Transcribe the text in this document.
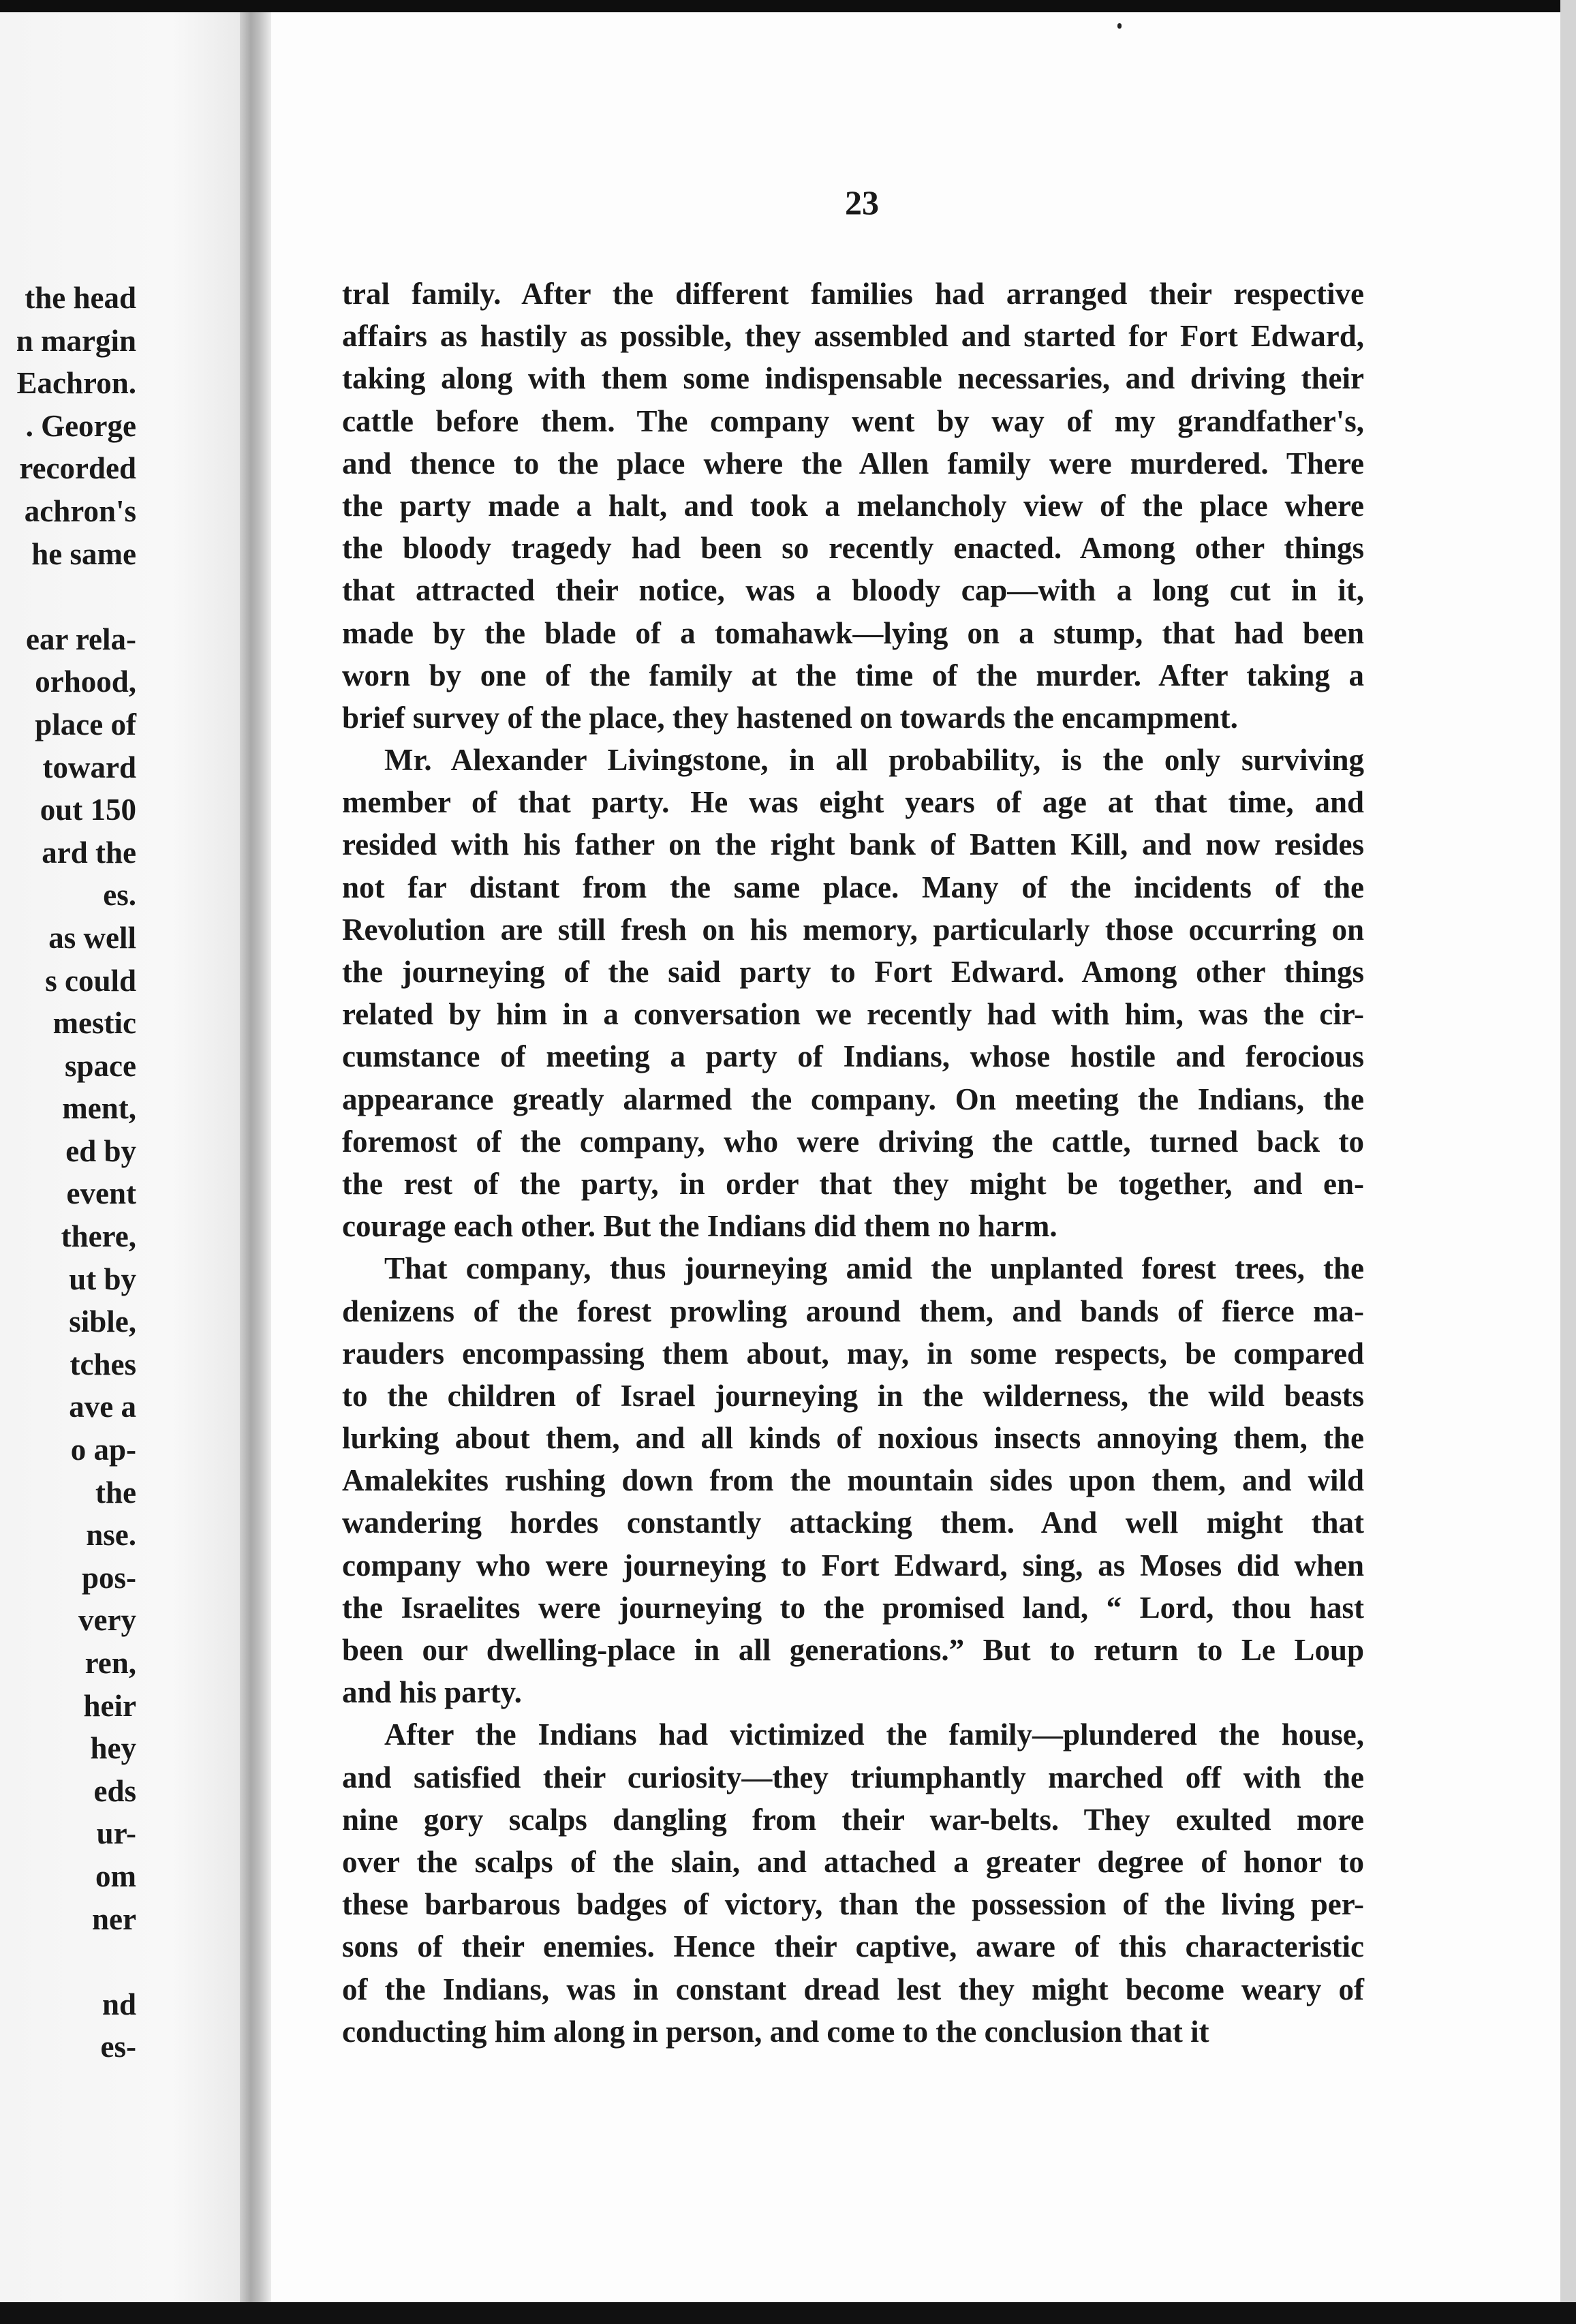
the head
n margin
Eachron.
. George
recorded
achron's
he same
ear rela-
orhood,
place of
toward
out 150
ard the
es.
as well
s could
mestic
space
ment,
ed by
event
there,
ut by
sible,
tches
ave a
o ap-
the
nse.
pos-
very
ren,
heir
hey
eds
ur-
om
ner
nd
es-
23
tral family. After the different families had arranged their respective
affairs as hastily as possible, they assembled and started for Fort Edward,
taking along with them some indispensable necessaries, and driving their
cattle before them. The company went by way of my grandfather's,
and thence to the place where the Allen family were murdered. There
the party made a halt, and took a melancholy view of the place where
the bloody tragedy had been so recently enacted. Among other things
that attracted their notice, was a bloody cap—with a long cut in it,
made by the blade of a tomahawk—lying on a stump, that had been
worn by one of the family at the time of the murder. After taking a
brief survey of the place, they hastened on towards the encampment.
Mr. Alexander Livingstone, in all probability, is the only surviving
member of that party. He was eight years of age at that time, and
resided with his father on the right bank of Batten Kill, and now resides
not far distant from the same place. Many of the incidents of the
Revolution are still fresh on his memory, particularly those occurring on
the journeying of the said party to Fort Edward. Among other things
related by him in a conversation we recently had with him, was the cir-
cumstance of meeting a party of Indians, whose hostile and ferocious
appearance greatly alarmed the company. On meeting the Indians, the
foremost of the company, who were driving the cattle, turned back to
the rest of the party, in order that they might be together, and en-
courage each other. But the Indians did them no harm.
That company, thus journeying amid the unplanted forest trees, the
denizens of the forest prowling around them, and bands of fierce ma-
rauders encompassing them about, may, in some respects, be compared
to the children of Israel journeying in the wilderness, the wild beasts
lurking about them, and all kinds of noxious insects annoying them, the
Amalekites rushing down from the mountain sides upon them, and wild
wandering hordes constantly attacking them. And well might that
company who were journeying to Fort Edward, sing, as Moses did when
the Israelites were journeying to the promised land, “ Lord, thou hast
been our dwelling-place in all generations.” But to return to Le Loup
and his party.
After the Indians had victimized the family—plundered the house,
and satisfied their curiosity—they triumphantly marched off with the
nine gory scalps dangling from their war-belts. They exulted more
over the scalps of the slain, and attached a greater degree of honor to
these barbarous badges of victory, than the possession of the living per-
sons of their enemies. Hence their captive, aware of this characteristic
of the Indians, was in constant dread lest they might become weary of
conducting him along in person, and come to the conclusion that it
